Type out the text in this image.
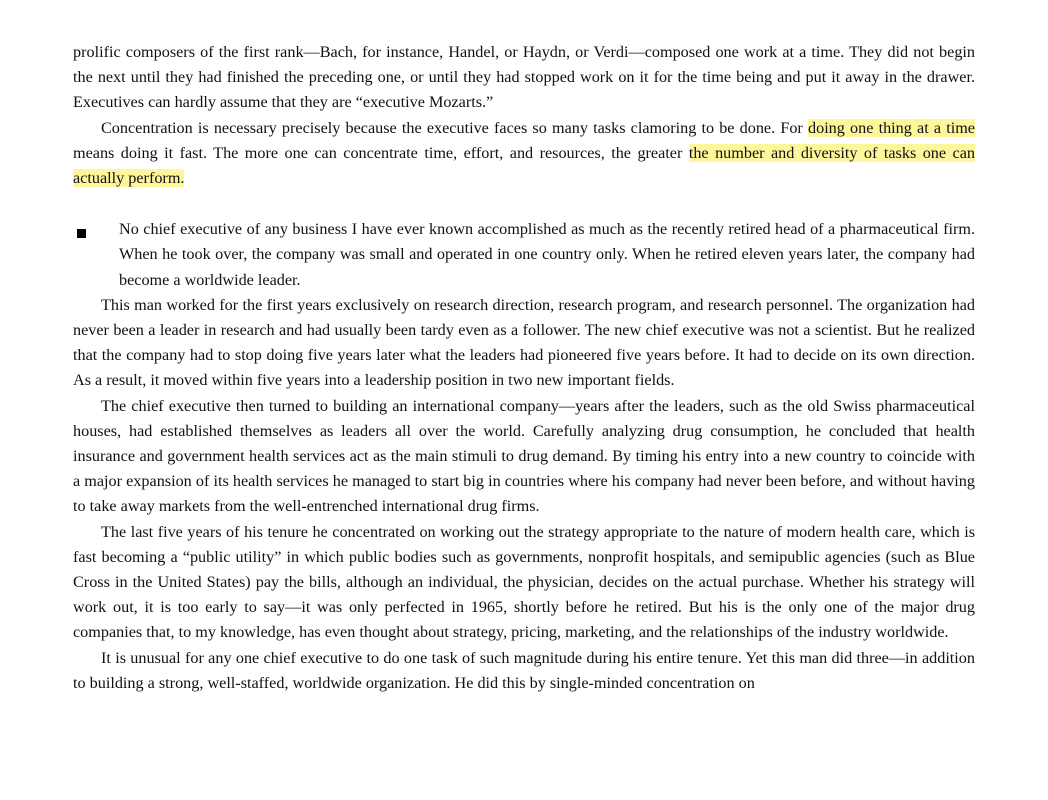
prolific composers of the first rank—Bach, for instance, Handel, or Haydn, or Verdi—composed one work at a time. They did not begin the next until they had finished the preceding one, or until they had stopped work on it for the time being and put it away in the drawer. Executives can hardly assume that they are “executive Mozarts.”

Concentration is necessary precisely because the executive faces so many tasks clamoring to be done. For doing one thing at a time means doing it fast. The more one can concentrate time, effort, and resources, the greater the number and diversity of tasks one can actually perform.

No chief executive of any business I have ever known accomplished as much as the recently retired head of a pharmaceutical firm. When he took over, the company was small and operated in one country only. When he retired eleven years later, the company had become a worldwide leader.

This man worked for the first years exclusively on research direction, research program, and research personnel. The organization had never been a leader in research and had usually been tardy even as a follower. The new chief executive was not a scientist. But he realized that the company had to stop doing five years later what the leaders had pioneered five years before. It had to decide on its own direction. As a result, it moved within five years into a leadership position in two new important fields.

The chief executive then turned to building an international company—years after the leaders, such as the old Swiss pharmaceutical houses, had established themselves as leaders all over the world. Carefully analyzing drug consumption, he concluded that health insurance and government health services act as the main stimuli to drug demand. By timing his entry into a new country to coincide with a major expansion of its health services he managed to start big in countries where his company had never been before, and without having to take away markets from the well-entrenched international drug firms.

The last five years of his tenure he concentrated on working out the strategy appropriate to the nature of modern health care, which is fast becoming a “public utility” in which public bodies such as governments, nonprofit hospitals, and semipublic agencies (such as Blue Cross in the United States) pay the bills, although an individual, the physician, decides on the actual purchase. Whether his strategy will work out, it is too early to say—it was only perfected in 1965, shortly before he retired. But his is the only one of the major drug companies that, to my knowledge, has even thought about strategy, pricing, marketing, and the relationships of the industry worldwide.

It is unusual for any one chief executive to do one task of such magnitude during his entire tenure. Yet this man did three—in addition to building a strong, well-staffed, worldwide organization. He did this by single-minded concentration on
